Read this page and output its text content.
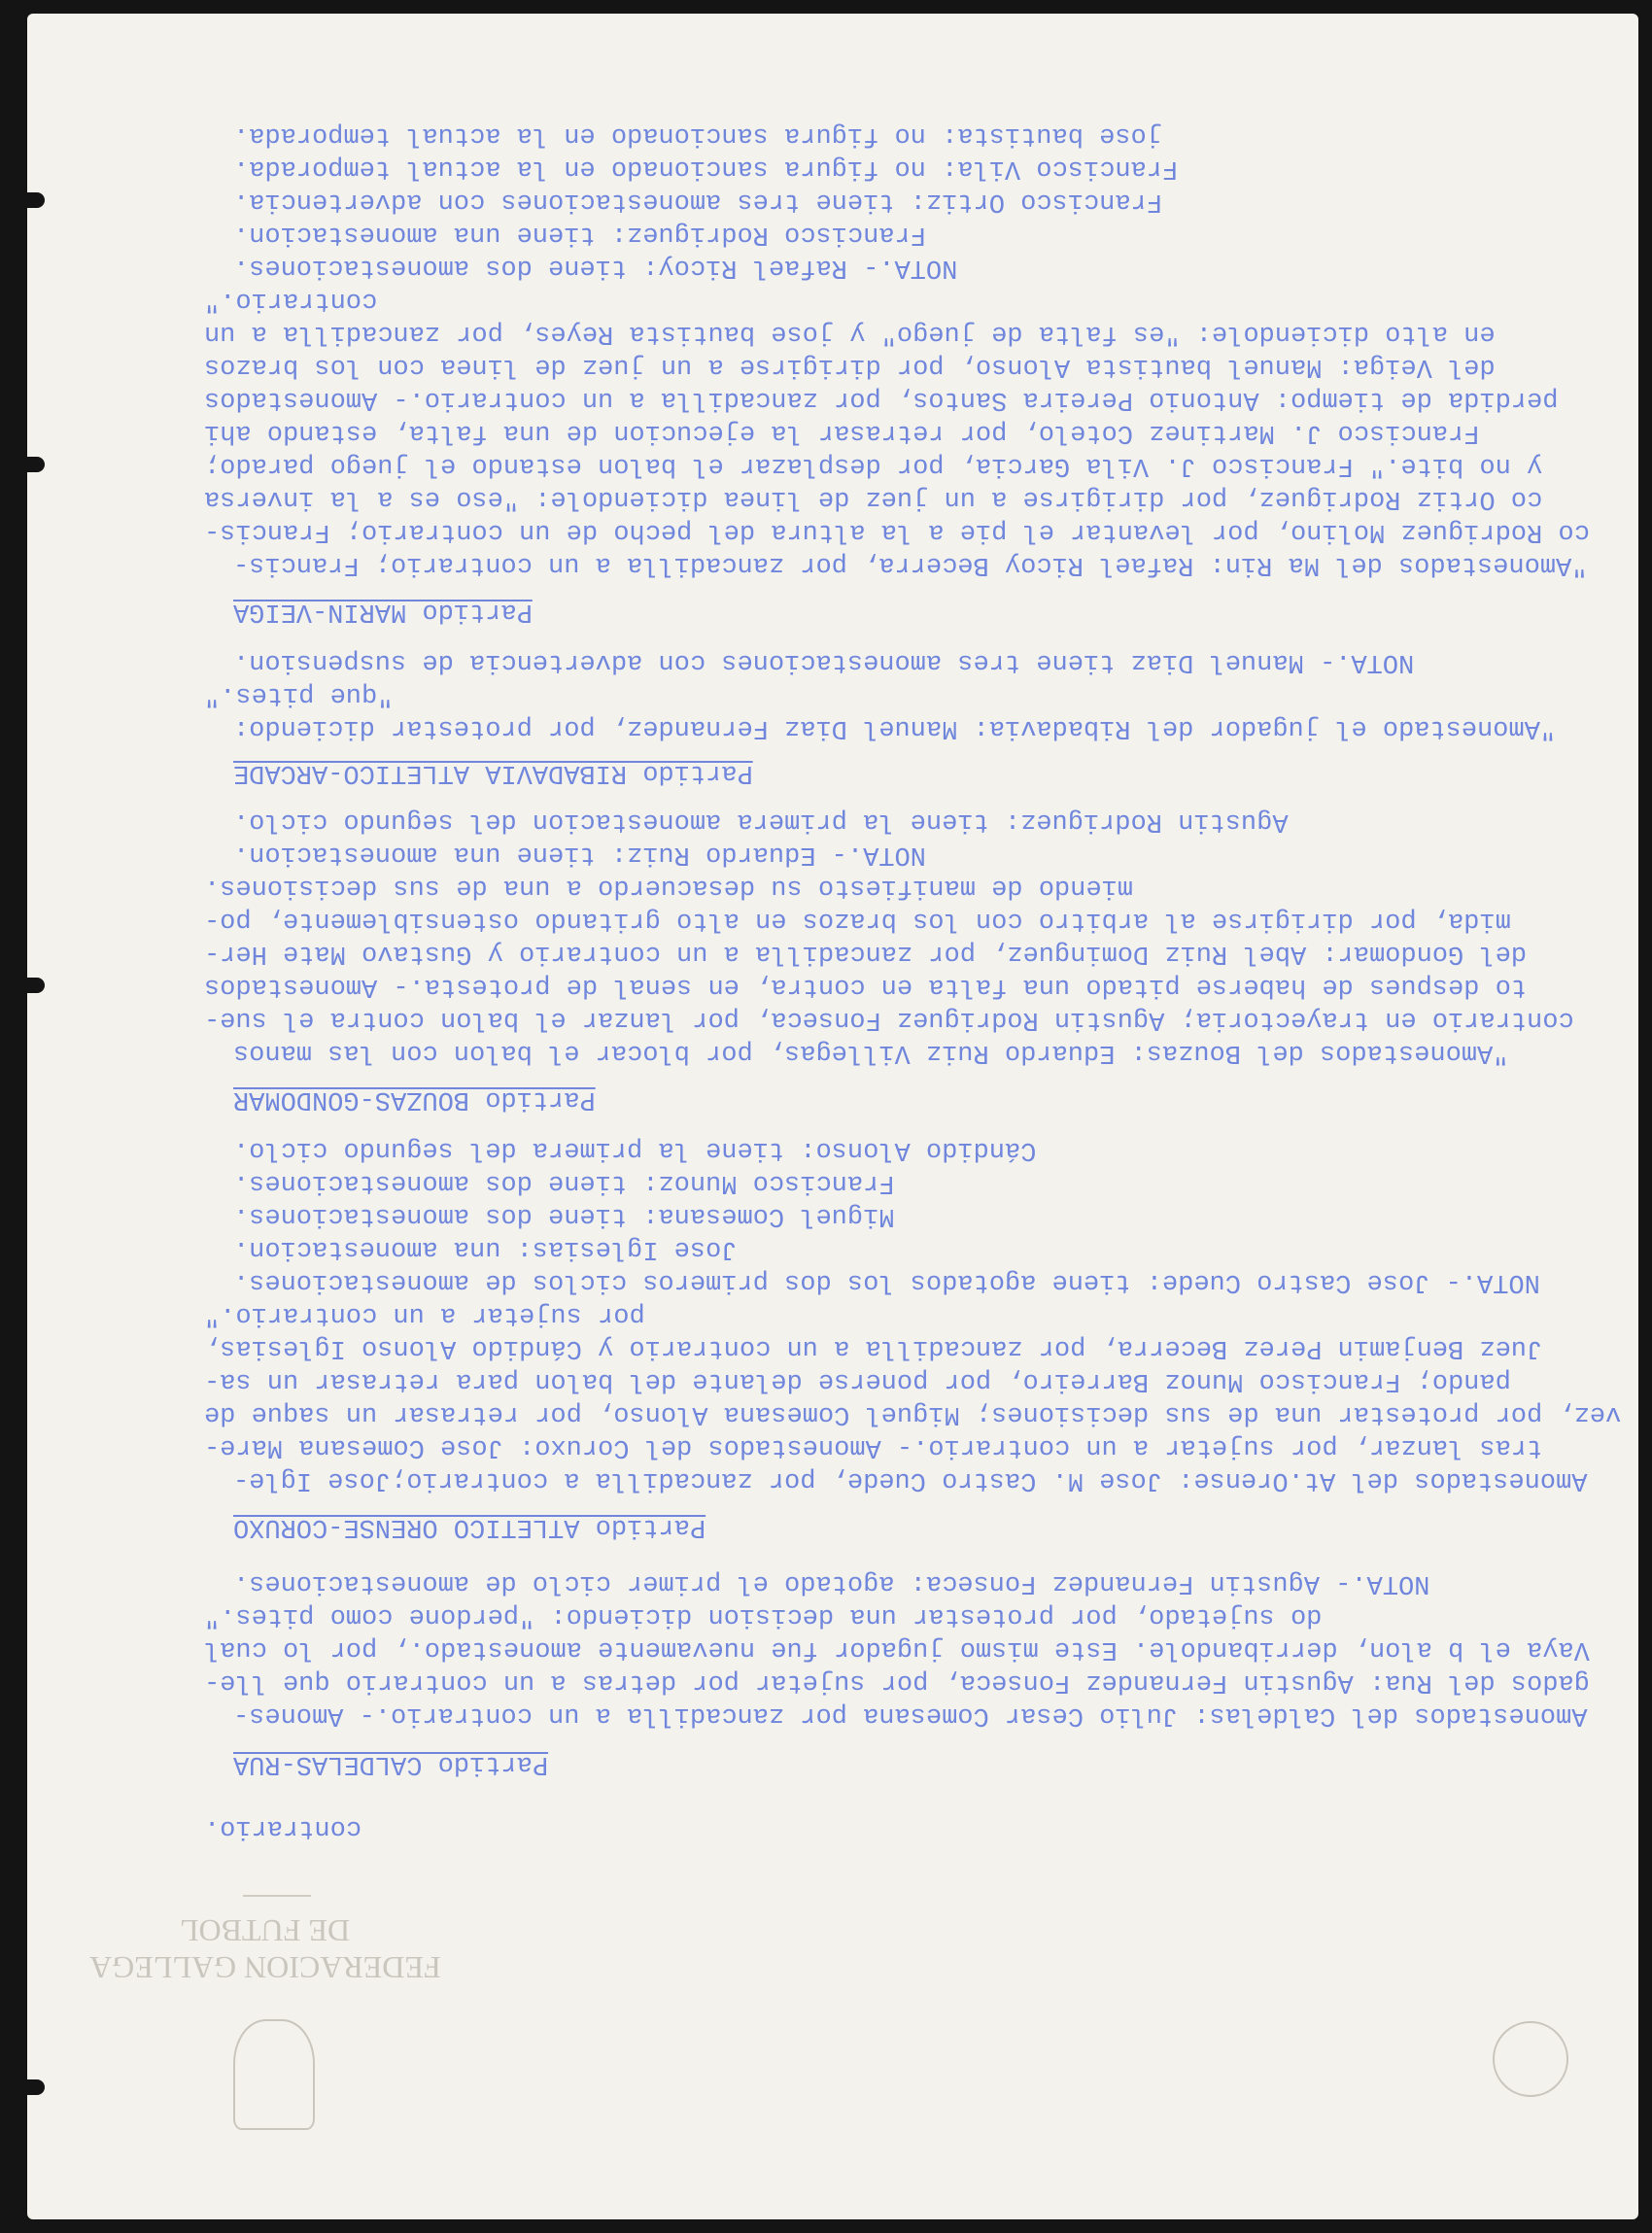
jose bautista: no figura sancionado en la actual temporada.
Francisco Vila: no figura sancionado en la actual temporada.
Francisco Ortiz: tiene tres amonestaciones con advertencia.
Francisco Rodriguez: tiene una amonestacion.
NOTA.- Rafael Ricoy: tiene dos amonestaciones.
contrario."
en alto diciendole: "es falta de juego" y jose bautista Reyes, por zancadilla a un
del Veiga: Manuel bautista Alonso, por dirigirse a un juez de linea con los brazos
perdida de tiempo: Antonio Pereira Santos, por zancadilla a un contrario.- Amonestados
Francisco J. Martinez Cotelo, por retrasar la ejecucion de una falta, estando ahi
y no bite." Francisco J. Vila Garcia, por desplazar el balon estando el juego parado;
co Ortiz Rodriguez, por dirigirse a un juez de linea diciendole: "eso es a la inversa
co Rodriguez Molino, por levantar el pie a la altura del pecho de un contrario; Francis-
"Amonestados del Ma Rin: Rafael Ricoy Becerra, por zancadilla a un contrario; Francis-
Partido MARIN-VEIGA
NOTA.- Manuel Diaz tiene tres amonestaciones con advertencia de suspension.
"que pites."
"Amonestado el jugador del Ribadavia: Manuel Diaz Fernandez, por protestar diciendo:
Partido RIBADAVIA ATLETICO-ARCADE
Agustin Rodriguez: tiene la primera amonestacion del segundo ciclo.
NOTA.- Eduardo Ruiz: tiene una amonestacion.
miendo de manifiesto su desacuerdo a una de sus decisiones.
mida, por dirigirse al arbitro con los brazos en alto gritando ostensiblemente, po-
del Gondomar: Abel Ruiz Dominguez, por zancadilla a un contrario y Gustavo Mate Her-
to despues de haberse pitado una falta en contra, en senal de protesta.- Amonestados
contrario en trayectoria; Agustin Rodriguez Fonseca, por lanzar el balon contra el sue-
"Amonestados del Bouzas: Eduardo Ruiz Villegas, por blocar el balon con las manos
Partido BOUZAS-GONDOMAR
Cándido Alonso: tiene la primera del segundo ciclo.
Francisco Munoz: tiene dos amonestaciones.
Miguel Comesana: tiene dos amonestaciones.
Jose Iglesias: una amonestacion.
NOTA.- Jose Castro Cuede: tiene agotados los dos primeros ciclos de amonestaciones.
por sujetar a un contrario."
Juez Benjamin Perez Becerra, por zancadilla a un contrario y Cándido Alonso Iglesias,
pando; Francisco Munoz Barreiro, por ponerse delante del balon para retrasar un sa-
vez, por protestar una de sus decisiones; Miguel Comesana Alonso, por retrasar un saque de
tras lanzar, por sujetar a un contrario.- Amonestados del Coruxo: Jose Comesana Mare-
Amonestados del At.Orense: Jose M. Castro Cuede, por zancadilla a contrario;Jose Igle-
Partido ATLETICO ORENSE-CORUXO
NOTA.- Agustin Fernandez Fonseca: agotado el primer ciclo de amonestaciones.
do sujetado, por protestar una decision diciendo: "perdone como pites."
Vaya el b alon, derribandole. Este mismo jugador fue nuevamente amonestado., por lo cual
gados del Rua: Agustin Fernandez Fonseca, por sujetar por detras a un contrario que lle-
Amonestados del Caldelas: Julio Cesar Comesana por zancadilla a un contrario.- Amones-
Partido CALDELAS-RUA
contrario.
DE FUTBOL
FEDERACION GALLEGA
